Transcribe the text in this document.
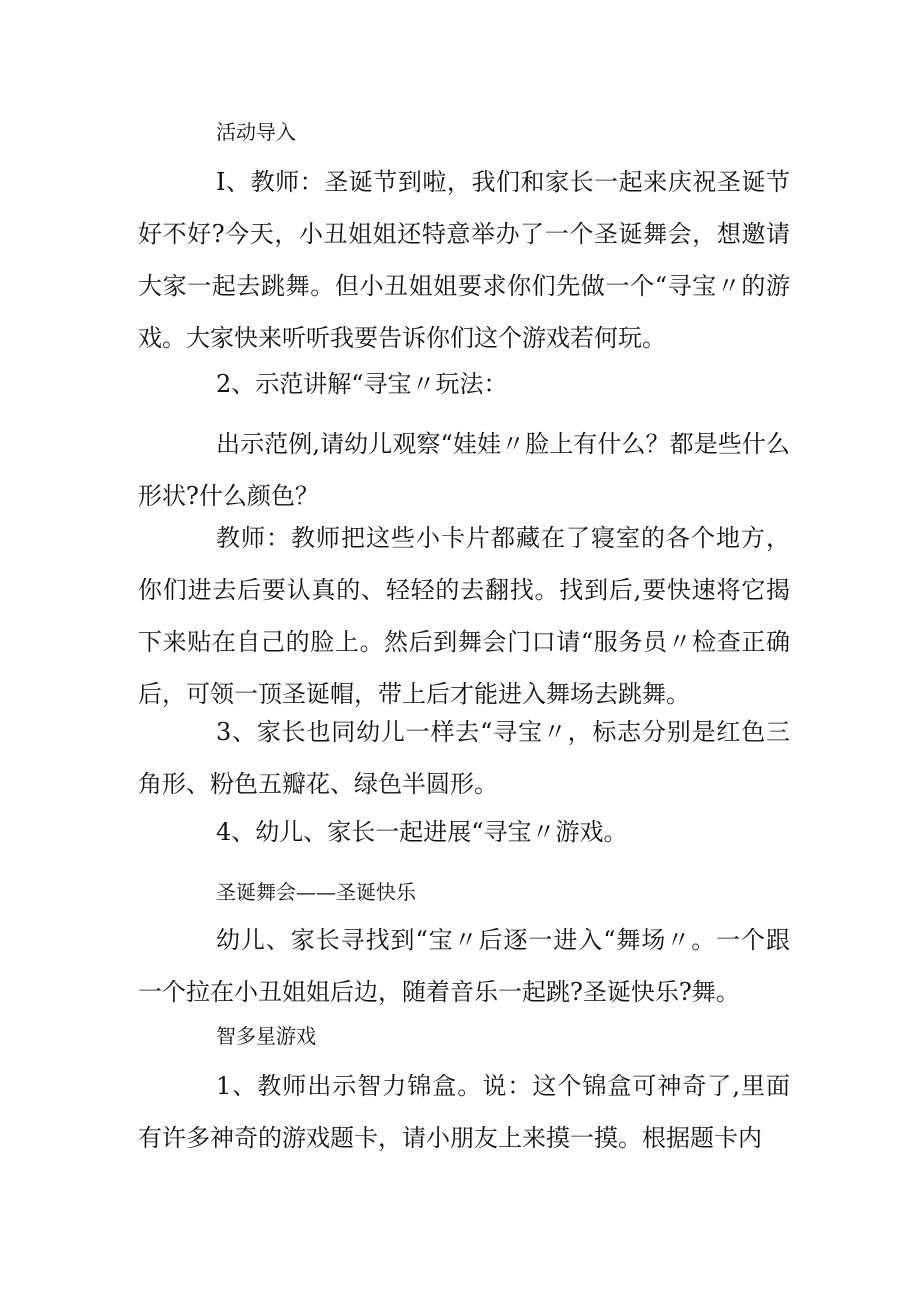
活动导入

I、教师：圣诞节到啦，我们和家长一起来庆祝圣诞节好不好?今天，小丑姐姐还特意举办了一个圣诞舞会，想邀请大家一起去跳舞。但小丑姐姐要求你们先做一个“寻宝〃的游戏。大家快来听听我要告诉你们这个游戏若何玩。

2、示范讲解“寻宝〃玩法：

出示范例,请幼儿观察“娃娃〃脸上有什么？都是些什么形状?什么颜色？

教师：教师把这些小卡片都藏在了寝室的各个地方，你们进去后要认真的、轻轻的去翻找。找到后,要快速将它揭下来贴在自己的脸上。然后到舞会门口请“服务员〃检查正确后，可领一顶圣诞帽，带上后才能进入舞场去跳舞。

3、家长也同幼儿一样去“寻宝〃，标志分别是红色三角形、粉色五瓣花、绿色半圆形。

4、幼儿、家长一起进展“寻宝〃游戏。

圣诞舞会——圣诞快乐

幼儿、家长寻找到“宝〃后逐一进入“舞场〃。一个跟一个拉在小丑姐姐后边，随着音乐一起跳?圣诞快乐?舞。

智多星游戏

1、教师出示智力锦盒。说：这个锦盒可神奇了,里面有许多神奇的游戏题卡，请小朋友上来摸一摸。根据题卡内
